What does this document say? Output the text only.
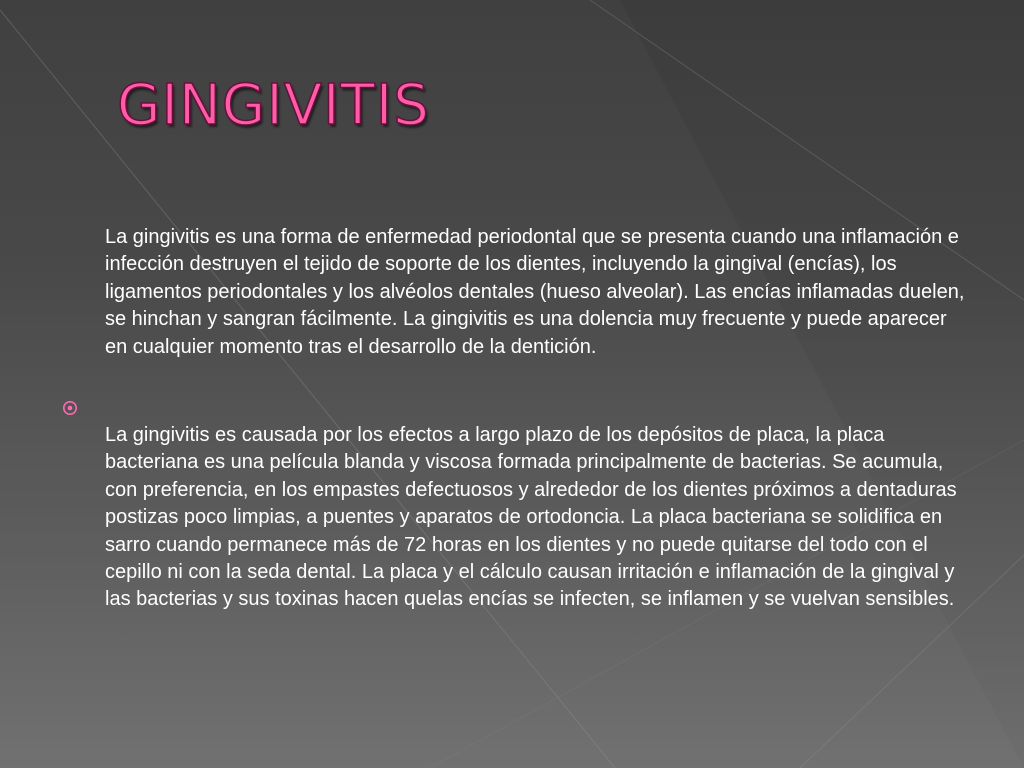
GINGIVITIS

La gingivitis es una forma de enfermedad periodontal que se presenta cuando una inflamación e infección destruyen el tejido de soporte de los dientes, incluyendo la gingival (encías), los ligamentos periodontales y los alvéolos dentales (hueso alveolar). Las encías inflamadas duelen, se hinchan y sangran fácilmente. La gingivitis es una dolencia muy frecuente y puede aparecer en cualquier momento tras el desarrollo de la dentición.

La gingivitis es causada por los efectos a largo plazo de los depósitos de placa, la placa bacteriana es una película blanda y viscosa formada principalmente de bacterias. Se acumula, con preferencia, en los empastes defectuosos y alrededor de los dientes próximos a dentaduras postizas poco limpias, a puentes y aparatos de ortodoncia. La placa bacteriana se solidifica en sarro cuando permanece más de 72 horas en los dientes y no puede quitarse del todo con el cepillo ni con la seda dental. La placa y el cálculo causan irritación e inflamación de la gingival y las bacterias y sus toxinas hacen quelas encías se infecten, se inflamen y se vuelvan sensibles.
